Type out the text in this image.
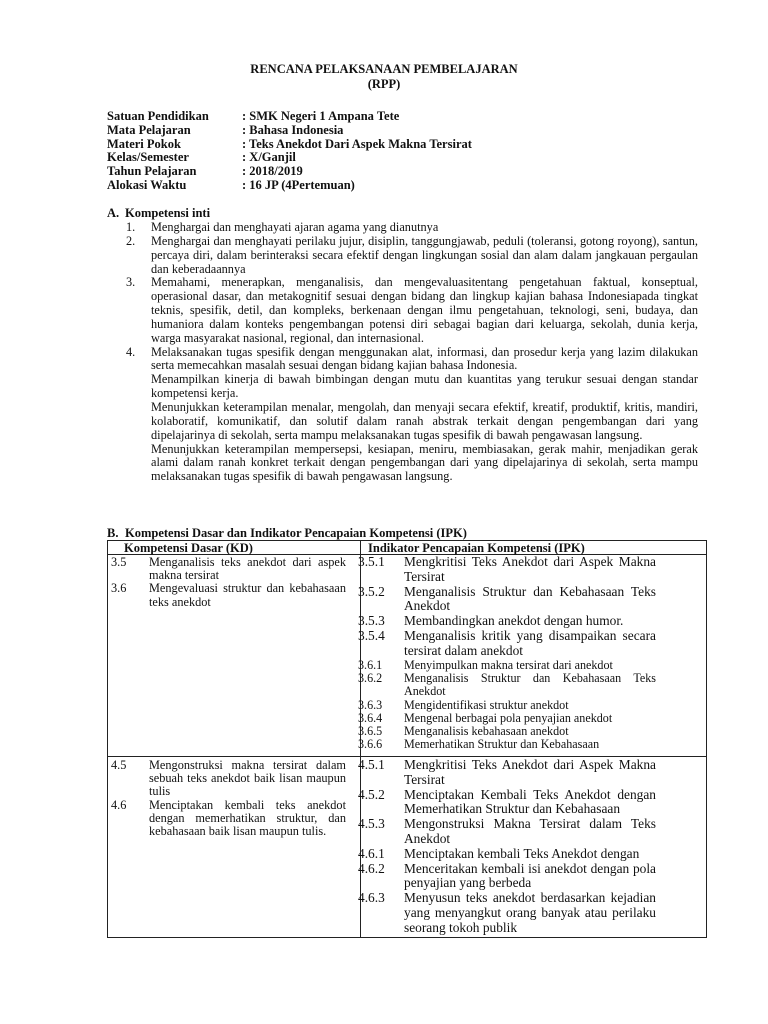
RENCANA PELAKSANAAN PEMBELAJARAN
(RPP)
Satuan Pendidikan	: SMK Negeri 1 Ampana Tete
Mata Pelajaran	: Bahasa Indonesia
Materi Pokok	: Teks Anekdot Dari Aspek Makna Tersirat
Kelas/Semester	: X/Ganjil
Tahun Pelajaran	: 2018/2019
Alokasi Waktu	: 16 JP (4Pertemuan)
A. Kompetensi inti
1.	Menghargai dan menghayati ajaran agama yang dianutnya
2.	Menghargai dan menghayati perilaku jujur, disiplin, tanggungjawab, peduli (toleransi, gotong royong), santun, percaya diri, dalam berinteraksi secara efektif dengan lingkungan sosial dan alam dalam jangkauan pergaulan dan keberadaannya
3.	Memahami, menerapkan, menganalisis, dan mengevaluasitentang pengetahuan faktual, konseptual, operasional dasar, dan metakognitif sesuai dengan bidang dan lingkup kajian bahasa Indonesiapada tingkat teknis, spesifik, detil, dan kompleks, berkenaan dengan ilmu pengetahuan, teknologi, seni, budaya, dan humaniora dalam konteks pengembangan potensi diri sebagai bagian dari keluarga, sekolah, dunia kerja, warga masyarakat nasional, regional, dan internasional.
4.	Melaksanakan tugas spesifik dengan menggunakan alat, informasi, dan prosedur kerja yang lazim dilakukan serta memecahkan masalah sesuai dengan bidang kajian bahasa Indonesia.
Menampilkan kinerja di bawah bimbingan dengan mutu dan kuantitas yang terukur sesuai dengan standar kompetensi kerja.
Menunjukkan keterampilan menalar, mengolah, dan menyaji secara efektif, kreatif, produktif, kritis, mandiri, kolaboratif, komunikatif, dan solutif dalam ranah abstrak terkait dengan pengembangan dari yang dipelajarinya di sekolah, serta mampu melaksanakan tugas spesifik di bawah pengawasan langsung.
Menunjukkan keterampilan mempersepsi, kesiapan, meniru, membiasakan, gerak mahir, menjadikan gerak alami dalam ranah konkret terkait dengan pengembangan dari yang dipelajarinya di sekolah, serta mampu melaksanakan tugas spesifik di bawah pengawasan langsung.
B. Kompetensi Dasar dan Indikator Pencapaian Kompetensi (IPK)
Kompetensi Dasar (KD)	Indikator Pencapaian Kompetensi (IPK)
3.5	Menganalisis teks anekdot dari aspek makna tersirat
3.6	Mengevaluasi struktur dan kebahasaan teks anekdot
3.5.1	Mengkritisi Teks Anekdot dari Aspek Makna Tersirat
3.5.2	Menganalisis Struktur dan Kebahasaan Teks Anekdot
3.5.3	Membandingkan anekdot dengan humor.
3.5.4	Menganalisis kritik yang disampaikan secara tersirat dalam anekdot
3.6.1	Menyimpulkan makna tersirat dari anekdot
3.6.2	Menganalisis Struktur dan Kebahasaan Teks Anekdot
3.6.3	Mengidentifikasi struktur anekdot
3.6.4	Mengenal berbagai pola penyajian anekdot
3.6.5	Menganalisis kebahasaan anekdot
3.6.6	Memerhatikan Struktur dan Kebahasaan
4.5	Mengonstruksi makna tersirat dalam sebuah teks anekdot baik lisan maupun tulis
4.6	Menciptakan kembali teks anekdot dengan memerhatikan struktur, dan kebahasaan baik lisan maupun tulis.
4.5.1	Mengkritisi Teks Anekdot dari Aspek Makna Tersirat
4.5.2	Menciptakan Kembali Teks Anekdot dengan Memerhatikan Struktur dan Kebahasaan
4.5.3	Mengonstruksi Makna Tersirat dalam Teks Anekdot
4.6.1	Menciptakan kembali Teks Anekdot dengan
4.6.2	Menceritakan kembali isi anekdot dengan pola penyajian yang berbeda
4.6.3	Menyusun teks anekdot berdasarkan kejadian yang menyangkut orang banyak atau perilaku seorang tokoh publik
